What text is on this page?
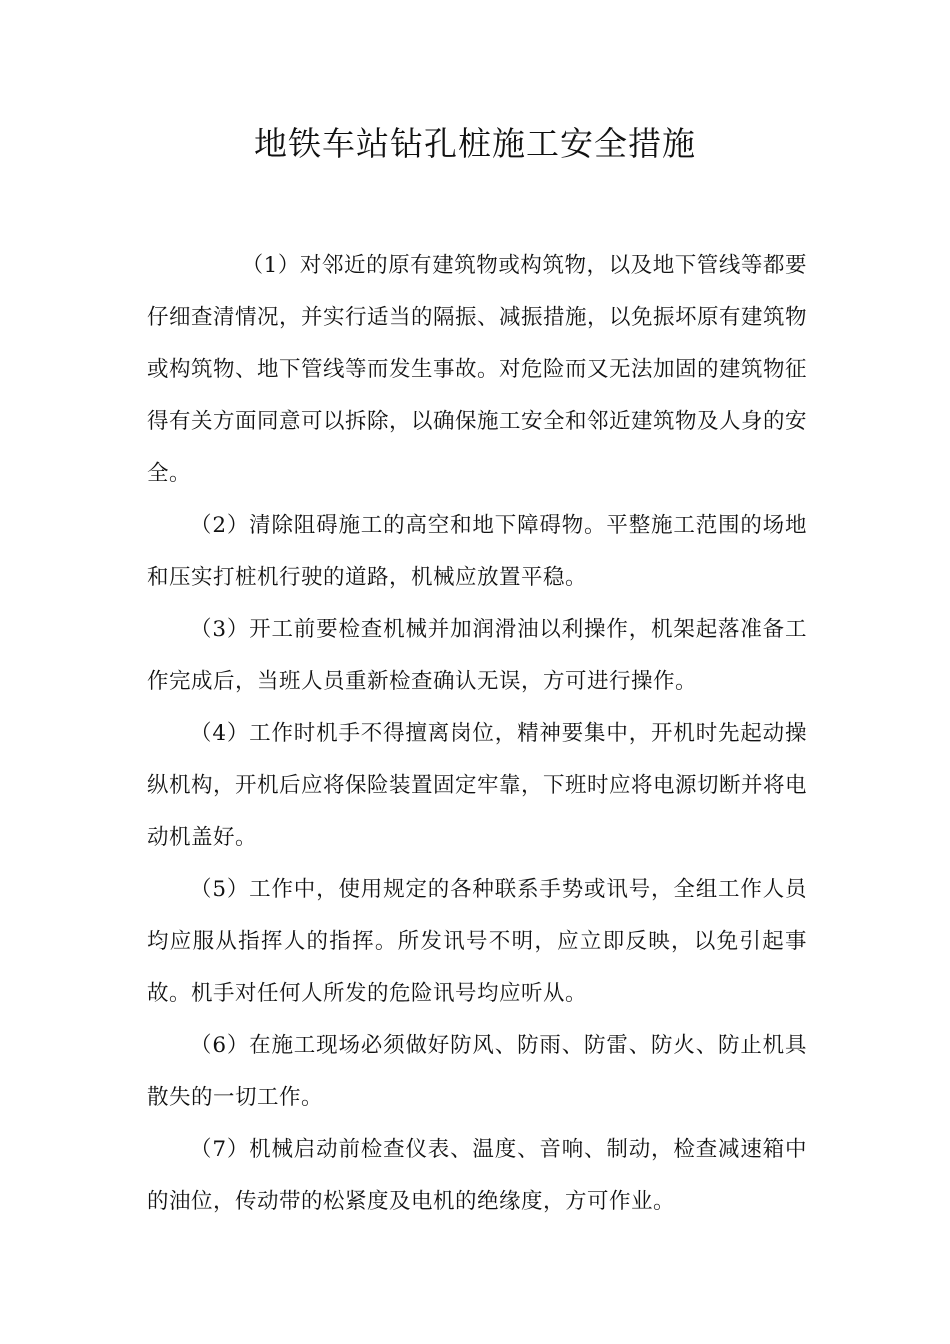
地铁车站钻孔桩施工安全措施

（1）对邻近的原有建筑物或构筑物，以及地下管线等都要仔细查清情况，并实行适当的隔振、减振措施，以免振坏原有建筑物或构筑物、地下管线等而发生事故。对危险而又无法加固的建筑物征得有关方面同意可以拆除，以确保施工安全和邻近建筑物及人身的安全。

（2）清除阻碍施工的高空和地下障碍物。平整施工范围的场地和压实打桩机行驶的道路，机械应放置平稳。

（3）开工前要检查机械并加润滑油以利操作，机架起落准备工作完成后，当班人员重新检查确认无误，方可进行操作。

（4）工作时机手不得擅离岗位，精神要集中，开机时先起动操纵机构，开机后应将保险装置固定牢靠，下班时应将电源切断并将电动机盖好。

（5）工作中，使用规定的各种联系手势或讯号，全组工作人员均应服从指挥人的指挥。所发讯号不明，应立即反映，以免引起事故。机手对任何人所发的危险讯号均应听从。

（6）在施工现场必须做好防风、防雨、防雷、防火、防止机具散失的一切工作。

（7）机械启动前检查仪表、温度、音响、制动，检查减速箱中的油位，传动带的松紧度及电机的绝缘度，方可作业。
